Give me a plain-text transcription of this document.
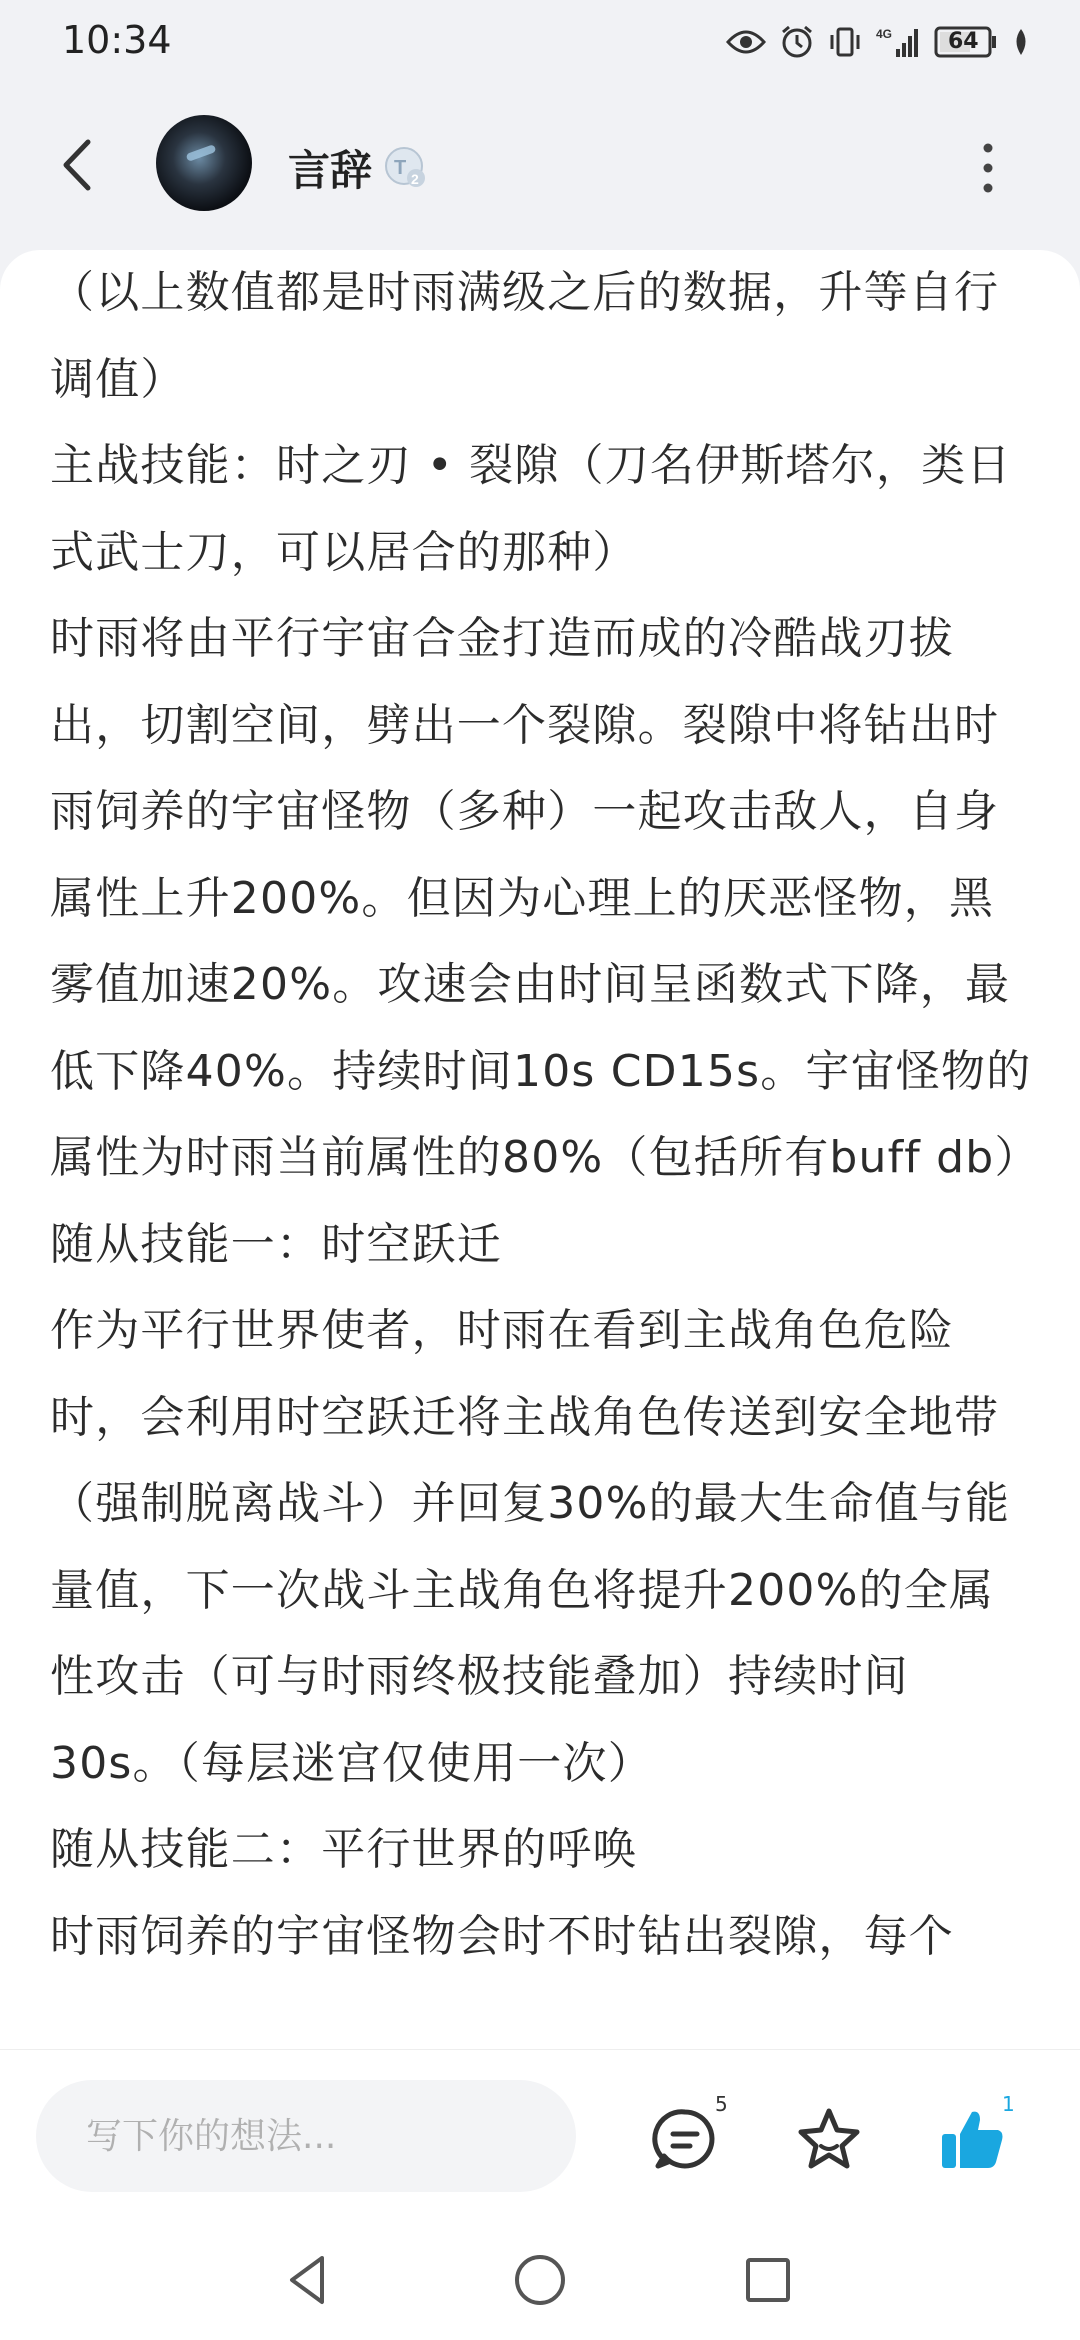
10:34	4G	64
言辞 T 2

（以上数值都是时雨满级之后的数据，升等自行调值）

主战技能：时之刃 • 裂隙（刀名伊斯塔尔，类日式武士刀，可以居合的那种）

时雨将由平行宇宙合金打造而成的冷酷战刃拔出，切割空间，劈出一个裂隙。裂隙中将钻出时雨饲养的宇宙怪物（多种）一起攻击敌人，自身属性上升200%。但因为心理上的厌恶怪物，黑雾值加速20%。攻速会由时间呈函数式下降，最低下降40%。持续时间10s CD15s。宇宙怪物的属性为时雨当前属性的80%（包括所有buff db）

随从技能一：时空跃迁

作为平行世界使者，时雨在看到主战角色危险时，会利用时空跃迁将主战角色传送到安全地带（强制脱离战斗）并回复30%的最大生命值与能量值，下一次战斗主战角色将提升200%的全属性攻击（可与时雨终极技能叠加）持续时间30s。（每层迷宫仅使用一次）

随从技能二：平行世界的呼唤

时雨饲养的宇宙怪物会时不时钻出裂隙，每个

写下你的想法...
5	1
